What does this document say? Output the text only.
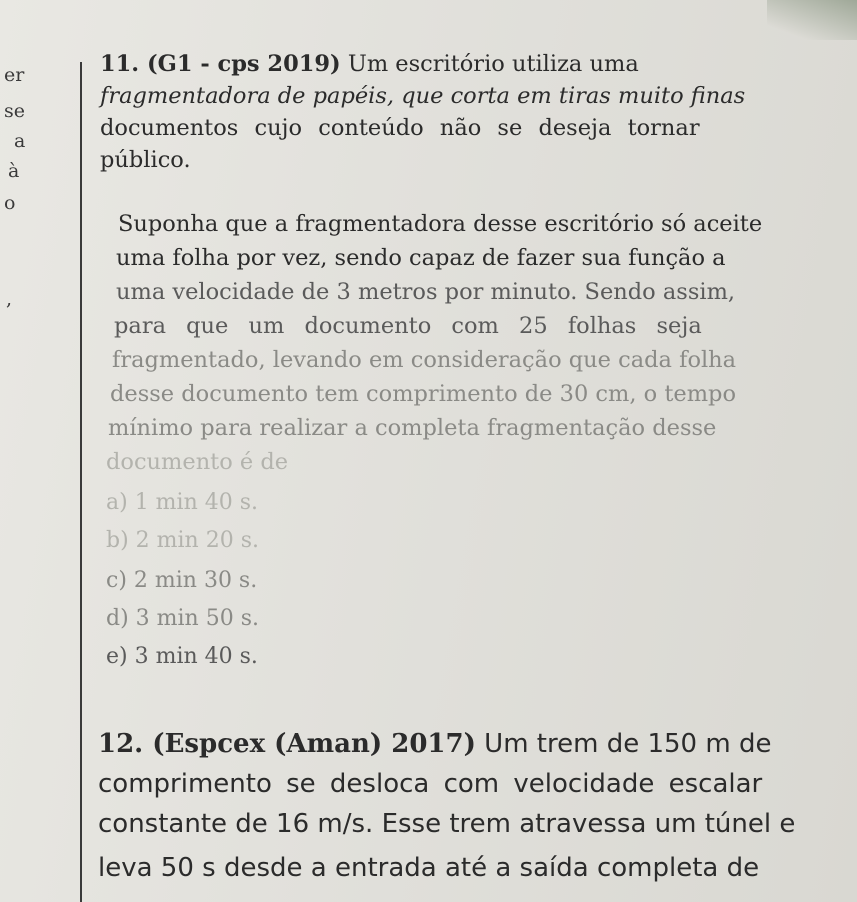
er
se
a
à
o
,
11. (G1 - cps 2019) Um escritório utiliza uma
fragmentadora de papéis, que corta em tiras muito finas
documentos cujo conteúdo não se deseja tornar
público.
Suponha que a fragmentadora desse escritório só aceite
uma folha por vez, sendo capaz de fazer sua função a
uma velocidade de 3 metros por minuto. Sendo assim,
para que um documento com 25 folhas seja
fragmentado, levando em consideração que cada folha
desse documento tem comprimento de 30 cm, o tempo
mínimo para realizar a completa fragmentação desse
documento é de
a) 1 min 40 s.
b) 2 min 20 s.
c) 2 min 30 s.
d) 3 min 50 s.
e) 3 min 40 s.
12. (Espcex (Aman) 2017) Um trem de 150 m de
comprimento se desloca com velocidade escalar
constante de 16 m/s. Esse trem atravessa um túnel e
leva 50 s desde a entrada até a saída completa de
